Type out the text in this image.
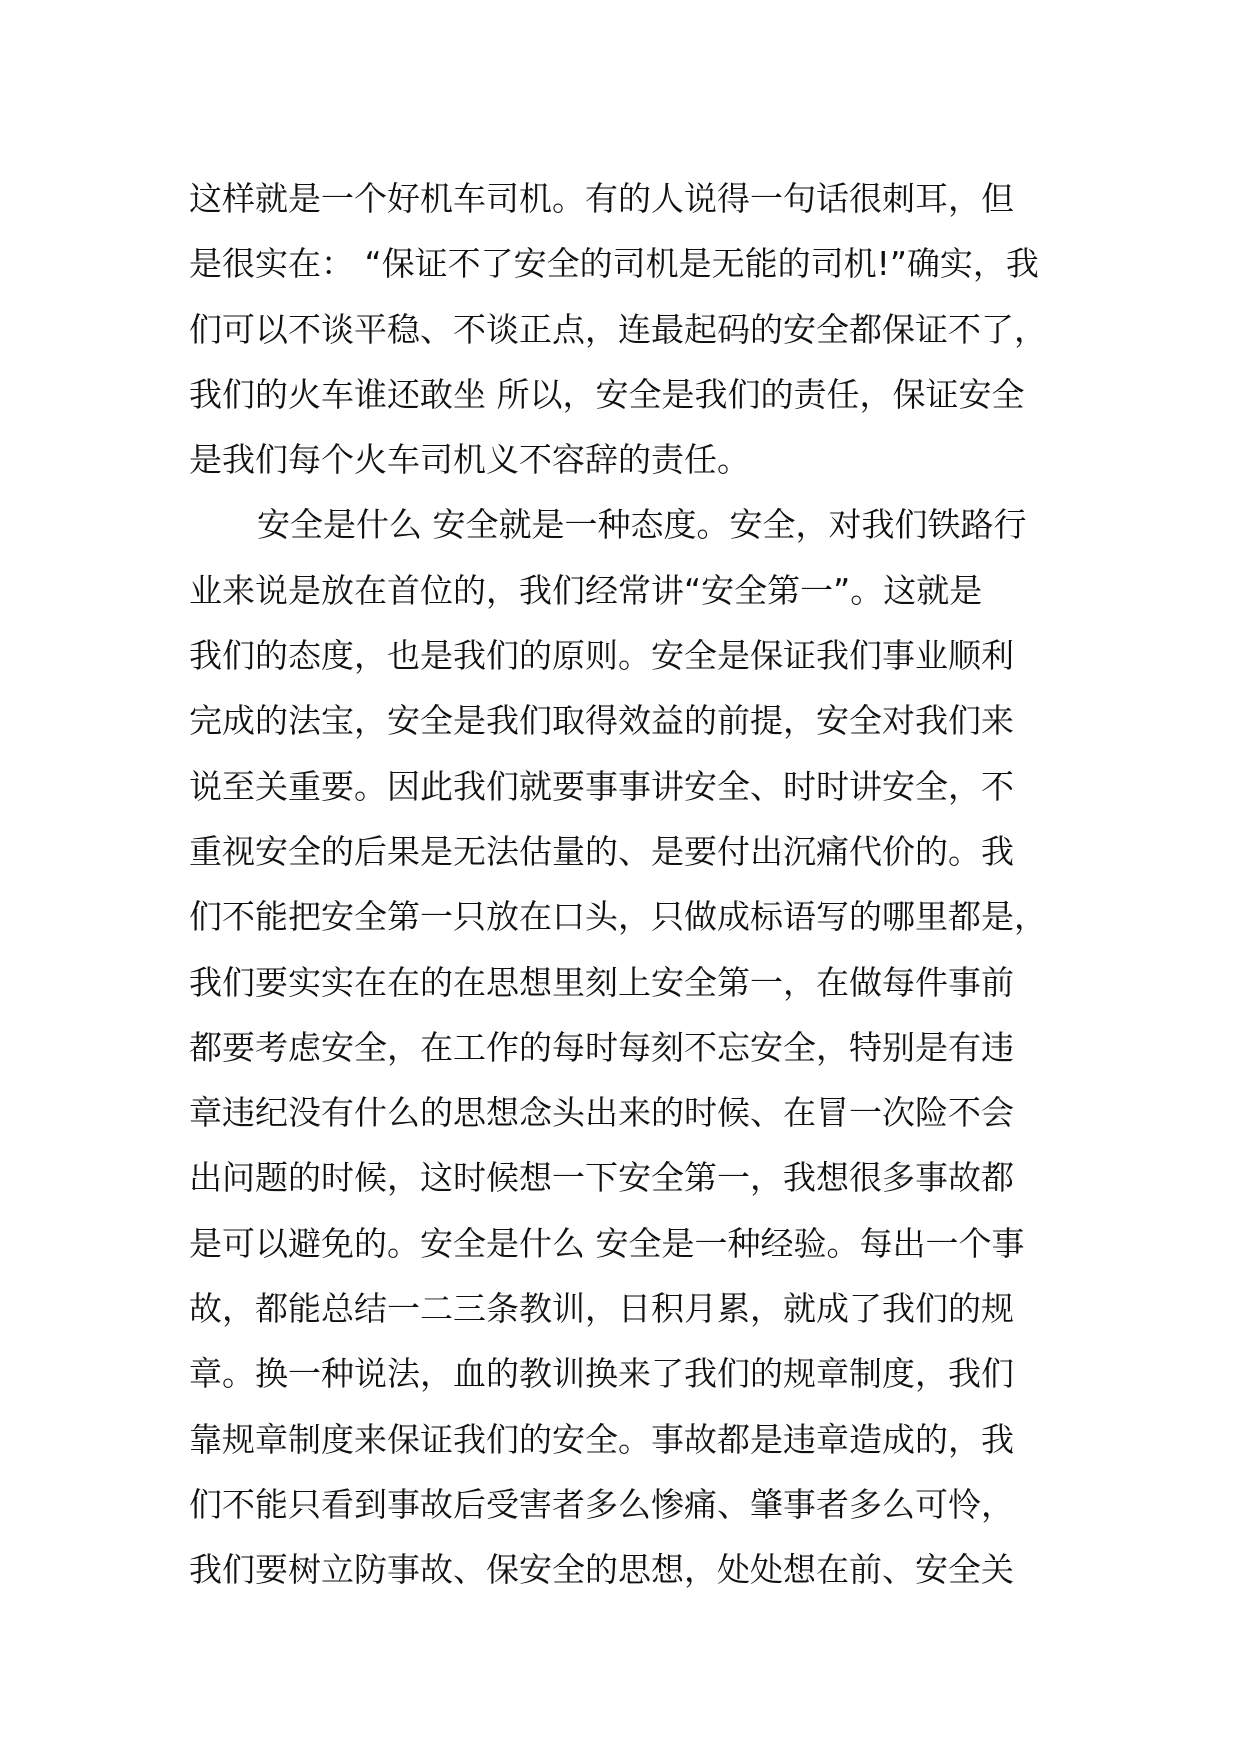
这样就是一个好机车司机。有的人说得一句话很刺耳，但
是很实在： “保证不了安全的司机是无能的司机!”确实，我
们可以不谈平稳、不谈正点，连最起码的安全都保证不了，
我们的火车谁还敢坐 所以，安全是我们的责任，保证安全
是我们每个火车司机义不容辞的责任。
安全是什么 安全就是一种态度。安全，对我们铁路行
业来说是放在首位的，我们经常讲“安全第一”。这就是
我们的态度，也是我们的原则。安全是保证我们事业顺利
完成的法宝，安全是我们取得效益的前提，安全对我们来
说至关重要。因此我们就要事事讲安全、时时讲安全，不
重视安全的后果是无法估量的、是要付出沉痛代价的。我
们不能把安全第一只放在口头，只做成标语写的哪里都是，
我们要实实在在的在思想里刻上安全第一，在做每件事前
都要考虑安全，在工作的每时每刻不忘安全，特别是有违
章违纪没有什么的思想念头出来的时候、在冒一次险不会
出问题的时候，这时候想一下安全第一，我想很多事故都
是可以避免的。安全是什么 安全是一种经验。每出一个事
故，都能总结一二三条教训，日积月累，就成了我们的规
章。换一种说法，血的教训换来了我们的规章制度，我们
靠规章制度来保证我们的安全。事故都是违章造成的，我
们不能只看到事故后受害者多么惨痛、肇事者多么可怜，
我们要树立防事故、保安全的思想，处处想在前、安全关
